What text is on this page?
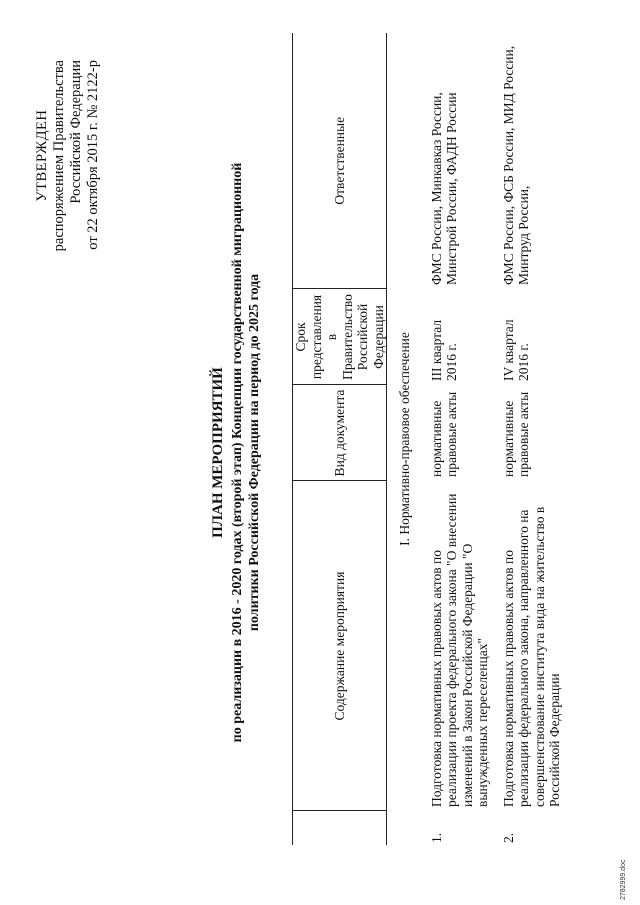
УТВЕРЖДЕН распоряжением Правительства Российской Федерации от 22 октября 2015 г. № 2122-р

ПЛАН МЕРОПРИЯТИЙ по реализации в 2016 - 2020 годах (второй этап) Концепции государственной миграционной политики Российской Федерации на период до 2025 года

	Содержание мероприятия	Вид документа	Срок представления в Правительство Российской Федерации	Ответственные
I. Нормативно-правовое обеспечение				
1.	Подготовка нормативных правовых актов по реализации проекта федерального закона "О внесении изменений в Закон Российской Федерации "О вынужденных переселенцах"	нормативные правовые акты	III квартал 2016 г.	ФМС России, Минкавказ России, Минстрой России, ФАДН России
2.	Подготовка нормативных правовых актов по реализации федерального закона, направленного на совершенствование института вида на жительство в Российской Федерации	нормативные правовые акты	IV квартал 2016 г.	ФМС России, ФСБ России, МИД России, Минтруд России,
2782999.doc
